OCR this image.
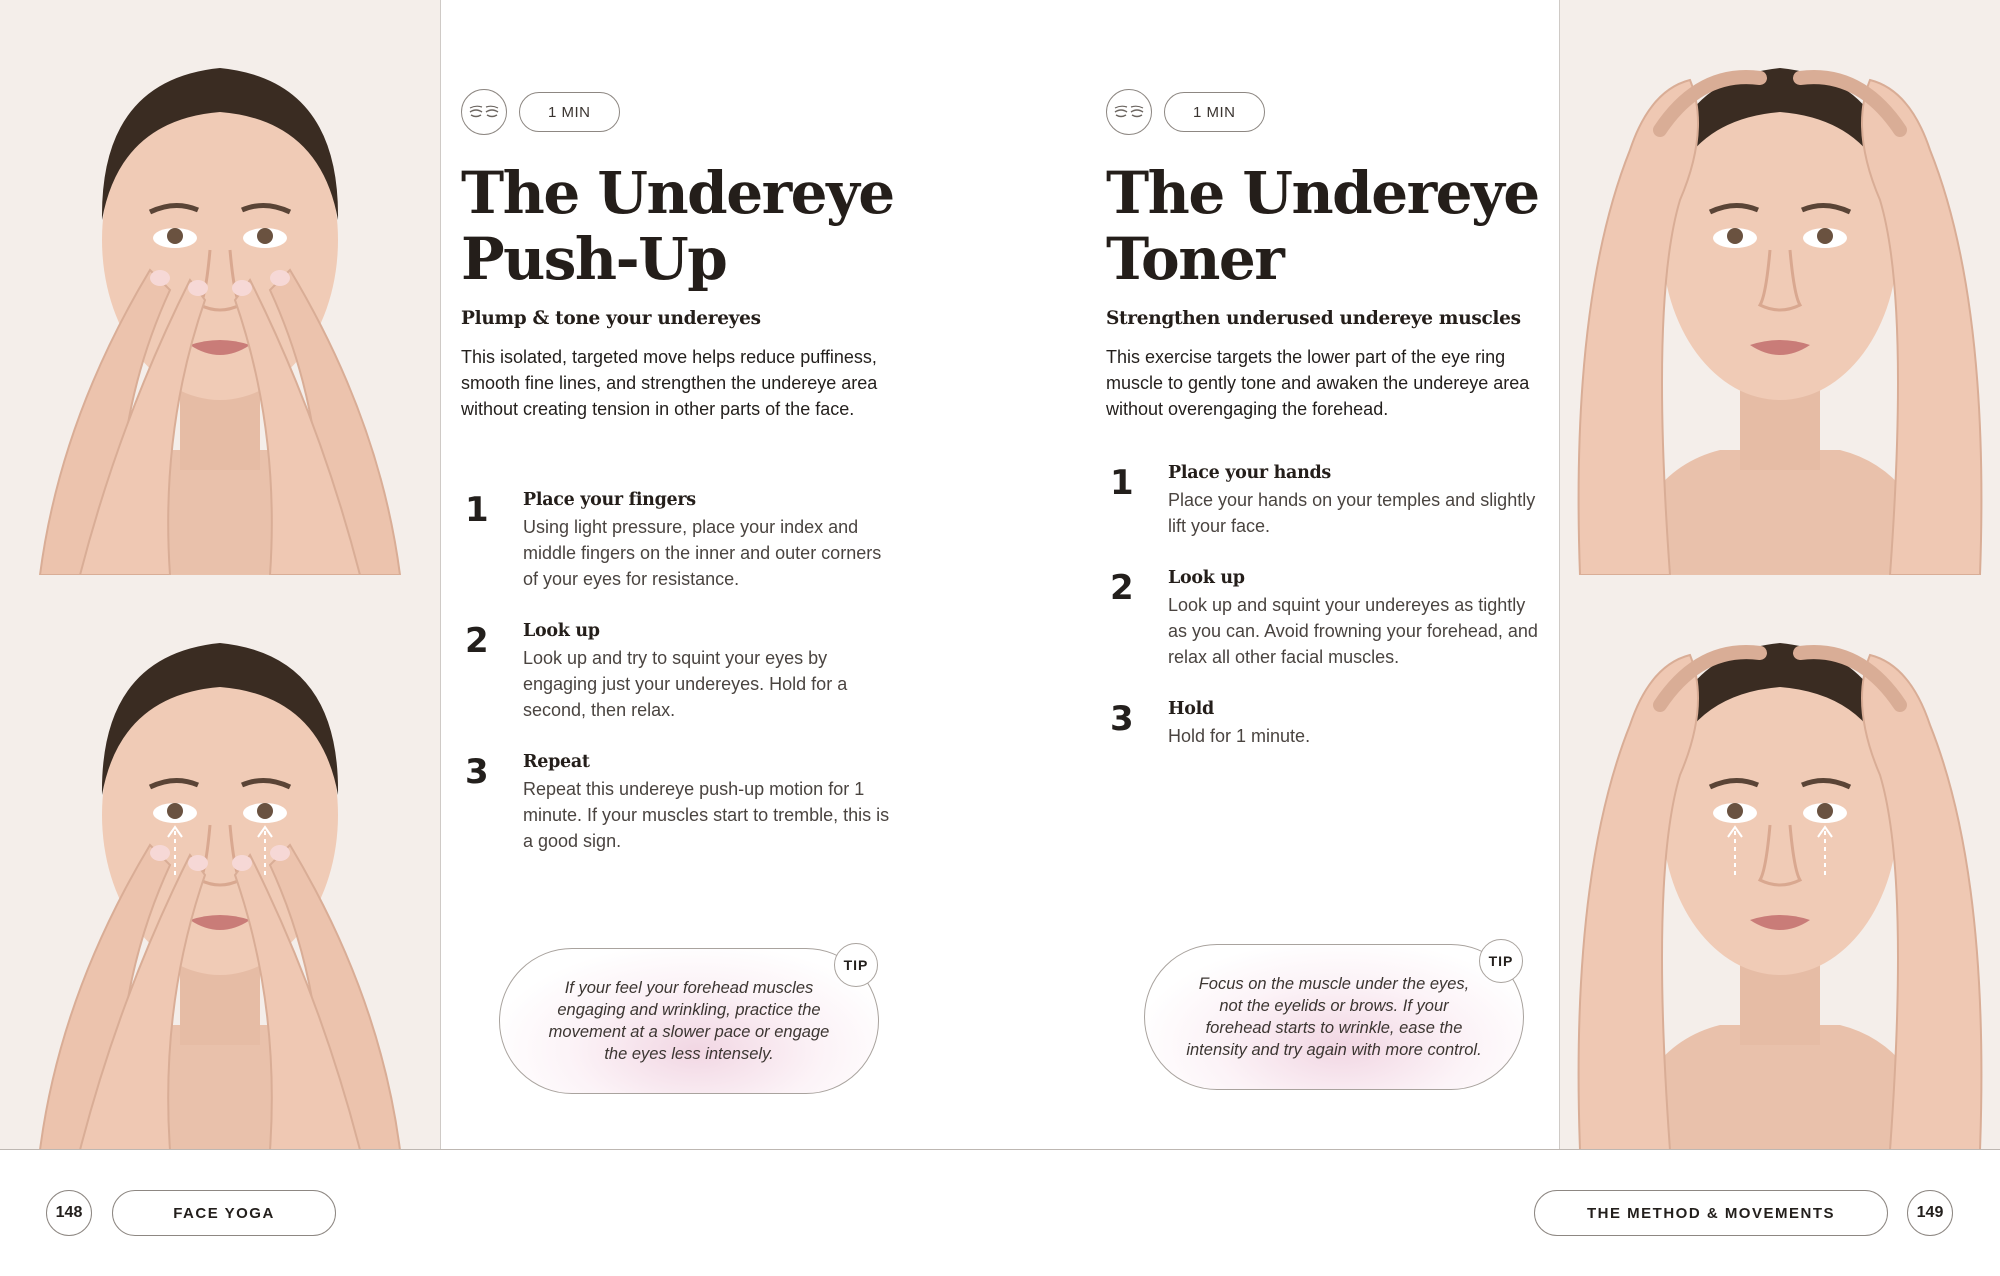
1 MIN
The Undereye
Push-Up
Plump & tone your undereyes
This isolated, targeted move helps reduce puffiness, smooth fine lines, and strengthen the undereye area without creating tension in other parts of the face.
1 Place your fingers
Using light pressure, place your index and middle fingers on the inner and outer corners of your eyes for resistance.
2 Look up
Look up and try to squint your eyes by engaging just your undereyes. Hold for a second, then relax.
3 Repeat
Repeat this undereye push-up motion for 1 minute. If your muscles start to tremble, this is a good sign.
If your feel your forehead muscles engaging and wrinkling, practice the movement at a slower pace or engage the eyes less intensely.
TIP
1 MIN
The Undereye
Toner
Strengthen underused undereye muscles
This exercise targets the lower part of the eye ring muscle to gently tone and awaken the undereye area without overengaging the forehead.
1 Place your hands
Place your hands on your temples and slightly lift your face.
2 Look up
Look up and squint your undereyes as tightly as you can. Avoid frowning your forehead, and relax all other facial muscles.
3 Hold
Hold for 1 minute.
Focus on the muscle under the eyes, not the eyelids or brows. If your forehead starts to wrinkle, ease the intensity and try again with more control.
TIP
148	FACE YOGA	THE METHOD & MOVEMENTS	149
